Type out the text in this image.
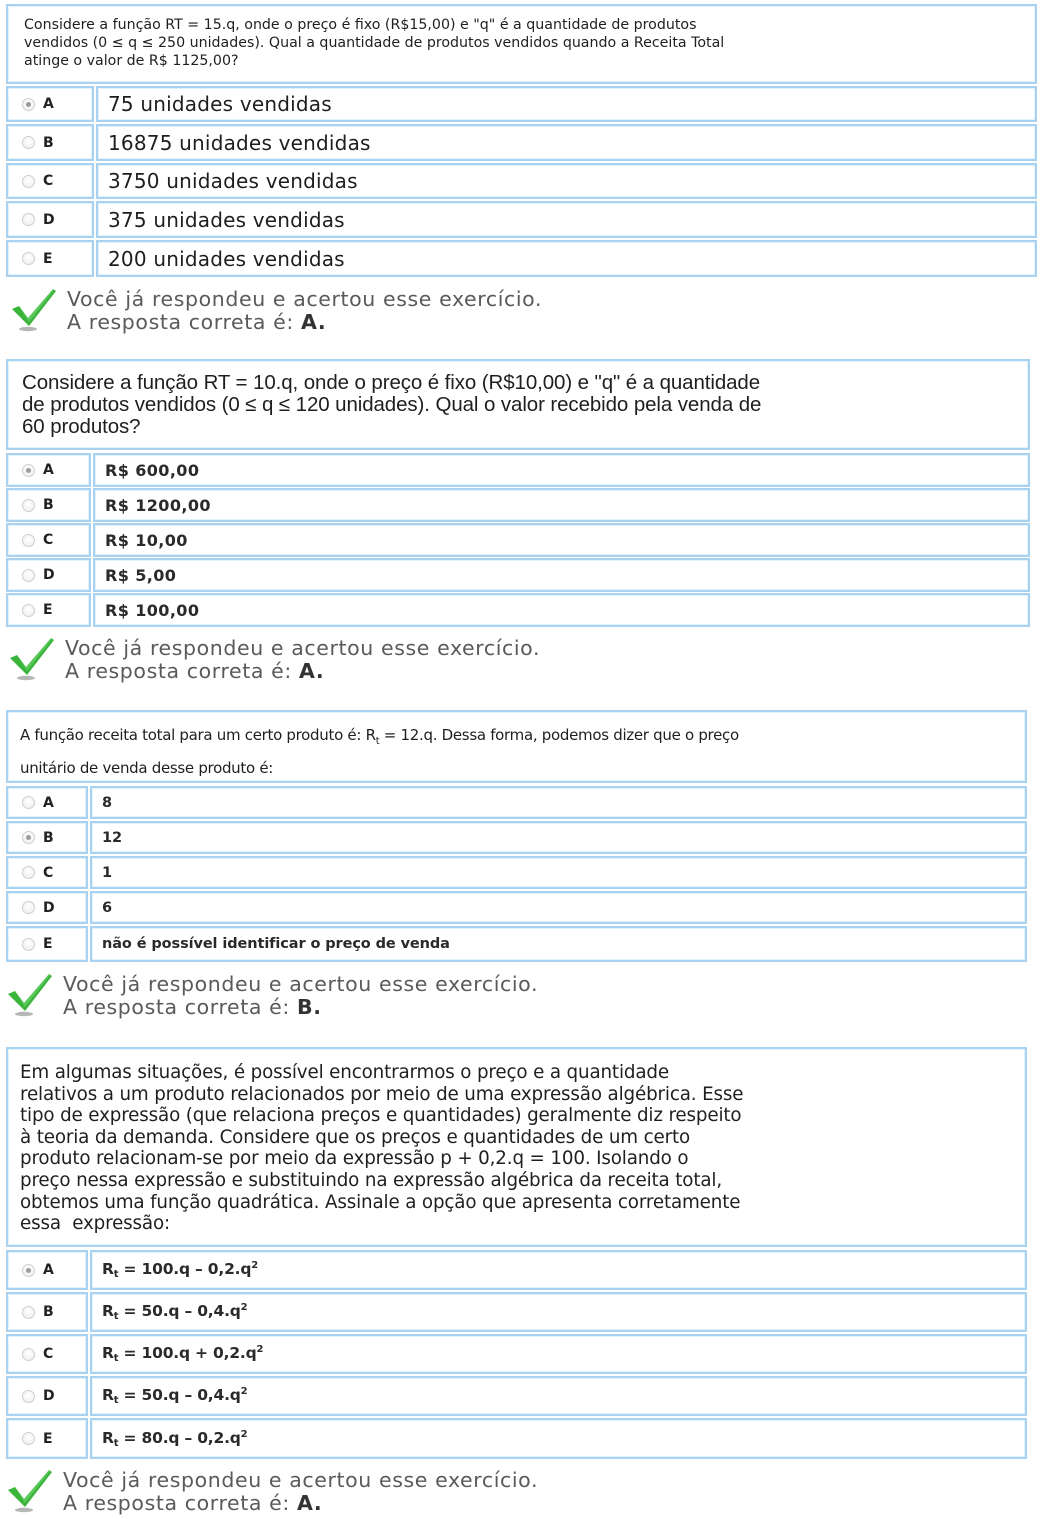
Considere a função RT = 15.q, onde o preço é fixo (R$15,00) e "q" é a quantidade de produtos
vendidos (0 ≤ q ≤ 250 unidades). Qual a quantidade de produtos vendidos quando a Receita Total
atinge o valor de R$ 1125,00?
A	75 unidades vendidas
B	16875 unidades vendidas
C	3750 unidades vendidas
D	375 unidades vendidas
E	200 unidades vendidas
Você já respondeu e acertou esse exercício.
A resposta correta é: A.
Considere a função RT = 10.q, onde o preço é fixo (R$10,00) e "q" é a quantidade
de produtos vendidos (0 ≤ q ≤ 120 unidades). Qual o valor recebido pela venda de
60 produtos?
A	R$ 600,00
B	R$ 1200,00
C	R$ 10,00
D	R$ 5,00
E	R$ 100,00
Você já respondeu e acertou esse exercício.
A resposta correta é: A.
A função receita total para um certo produto é: $R_t = 12.q$. Dessa forma, podemos dizer que o preço
unitário de venda desse produto é:
A	8
B	12
C	1
D	6
E	não é possível identificar o preço de venda
Você já respondeu e acertou esse exercício.
A resposta correta é: B.
Em algumas situações, é possível encontrarmos o preço e a quantidade
relativos a um produto relacionados por meio de uma expressão algébrica. Esse
tipo de expressão (que relaciona preços e quantidades) geralmente diz respeito
à teoria da demanda. Considere que os preços e quantidades de um certo
produto relacionam-se por meio da expressão p + 0,2.q = 100. Isolando o
preço nessa expressão e substituindo na expressão algébrica da receita total,
obtemos uma função quadrática. Assinale a opção que apresenta corretamente
essa  expressão:
A	$R_t = 100.q - 0,2.q^2$
B	$R_t = 50.q - 0,4.q^2$
C	$R_t = 100.q + 0,2.q^2$
D	$R_t = 50.q - 0,4.q^2$
E	$R_t = 80.q - 0,2.q^2$
Você já respondeu e acertou esse exercício.
A resposta correta é: A.
